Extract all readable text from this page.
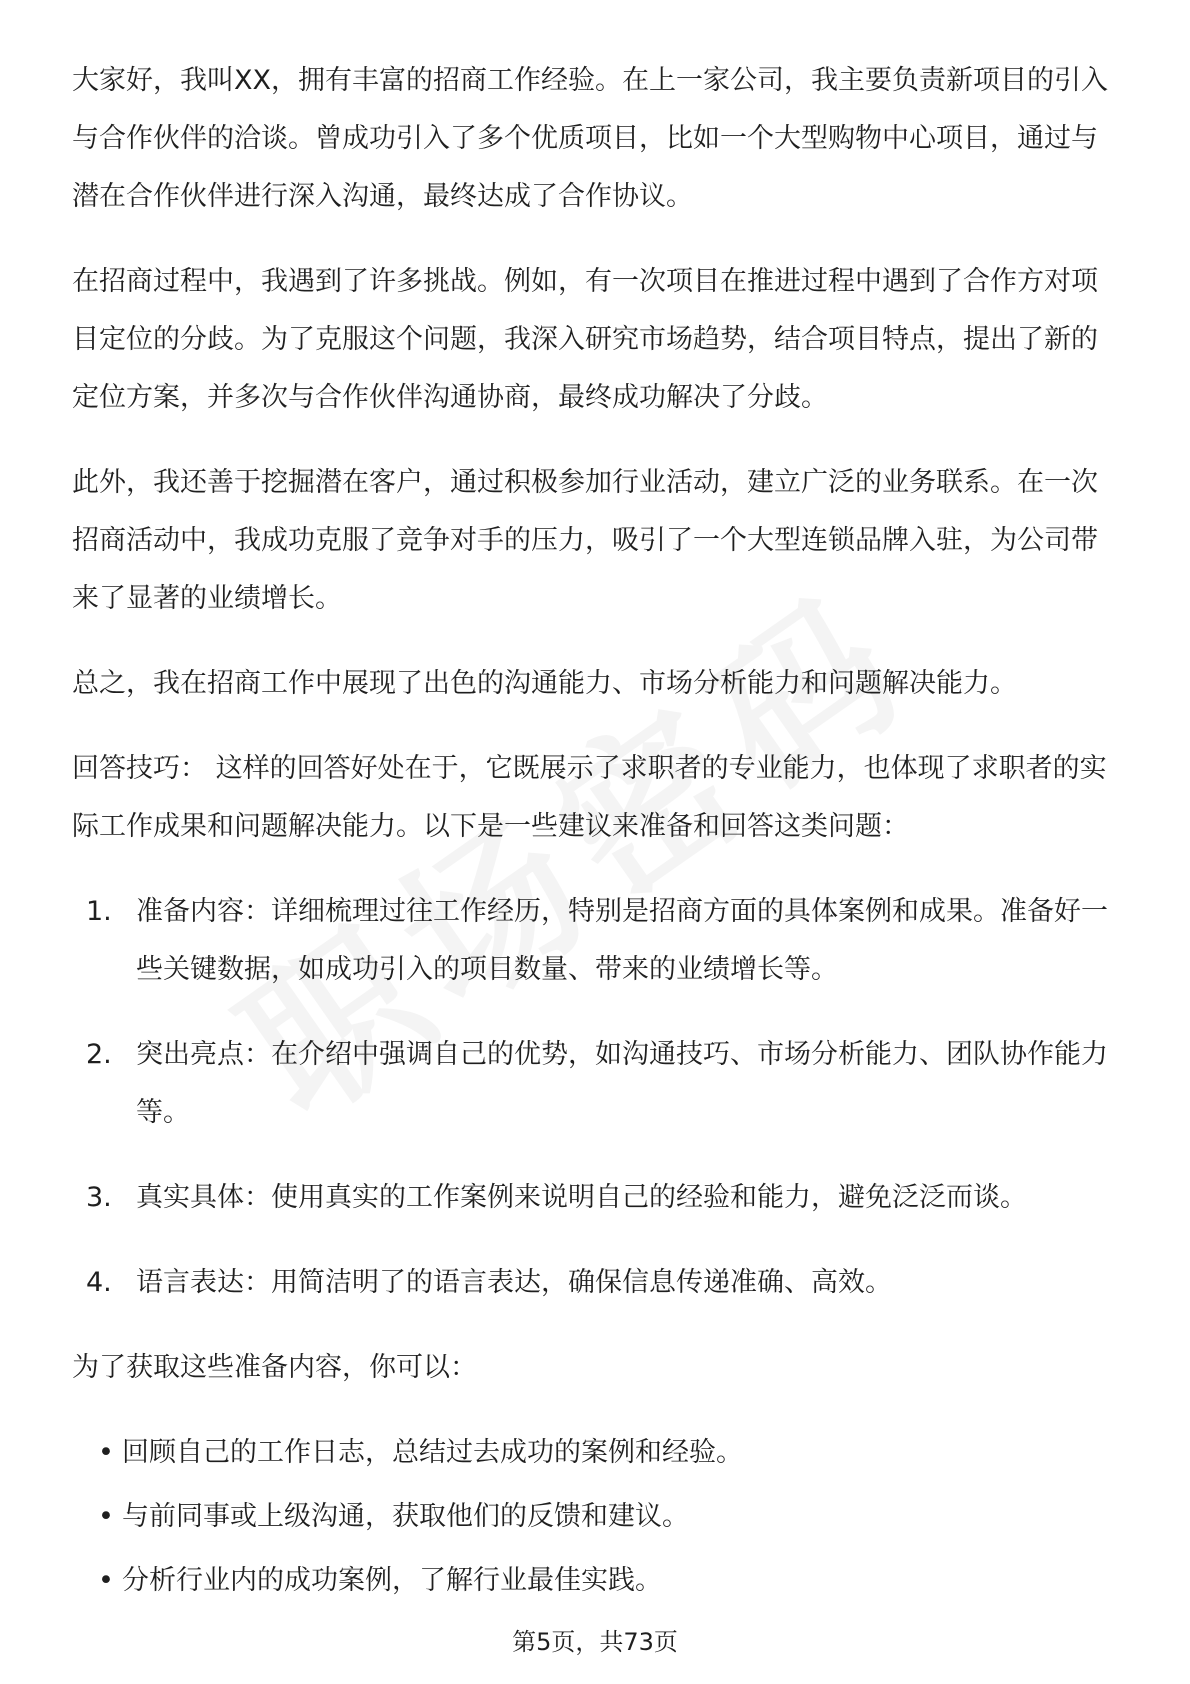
大家好，我叫XX，拥有丰富的招商工作经验。在上一家公司，我主要负责新项目的引入与合作伙伴的洽谈。曾成功引入了多个优质项目，比如一个大型购物中心项目，通过与潜在合作伙伴进行深入沟通，最终达成了合作协议。

在招商过程中，我遇到了许多挑战。例如，有一次项目在推进过程中遇到了合作方对项目定位的分歧。为了克服这个问题，我深入研究市场趋势，结合项目特点，提出了新的定位方案，并多次与合作伙伴沟通协商，最终成功解决了分歧。

此外，我还善于挖掘潜在客户，通过积极参加行业活动，建立广泛的业务联系。在一次招商活动中，我成功克服了竞争对手的压力，吸引了一个大型连锁品牌入驻，为公司带来了显著的业绩增长。

总之，我在招商工作中展现了出色的沟通能力、市场分析能力和问题解决能力。

回答技巧： 这样的回答好处在于，它既展示了求职者的专业能力，也体现了求职者的实际工作成果和问题解决能力。以下是一些建议来准备和回答这类问题：

1. 准备内容：详细梳理过往工作经历，特别是招商方面的具体案例和成果。准备好一些关键数据，如成功引入的项目数量、带来的业绩增长等。
2. 突出亮点：在介绍中强调自己的优势，如沟通技巧、市场分析能力、团队协作能力等。
3. 真实具体：使用真实的工作案例来说明自己的经验和能力，避免泛泛而谈。
4. 语言表达：用简洁明了的语言表达，确保信息传递准确、高效。

为了获取这些准备内容，你可以：

• 回顾自己的工作日志，总结过去成功的案例和经验。
• 与前同事或上级沟通，获取他们的反馈和建议。
• 分析行业内的成功案例，了解行业最佳实践。
第5页，共73页
